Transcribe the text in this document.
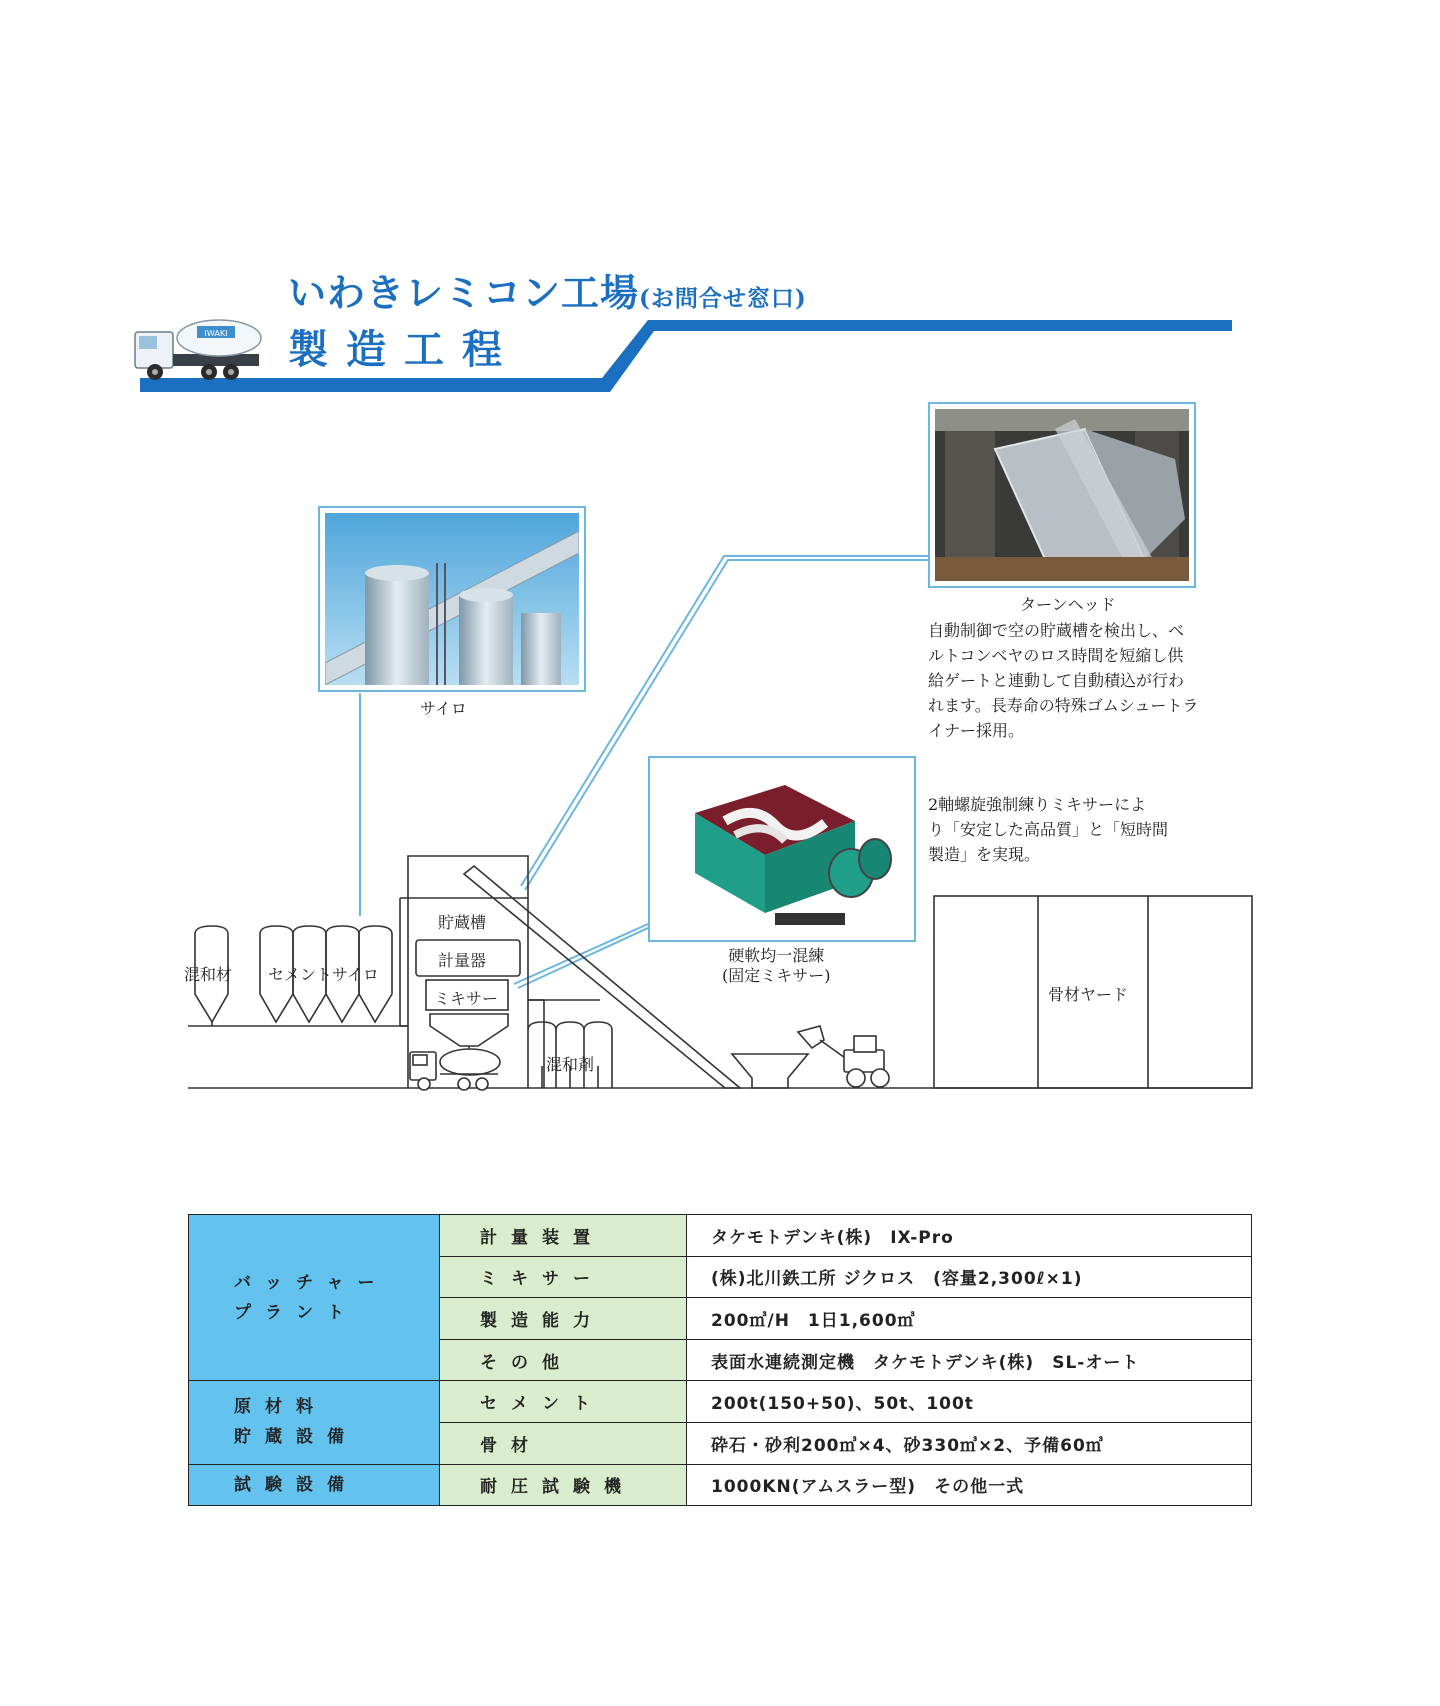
IWAKI
いわきレミコン工場(お問合せ窓口)
製造工程
サイロ
ターンヘッド
自動制御で空の貯蔵槽を検出し、ベ
ルトコンベヤのロス時間を短縮し供
給ゲートと連動して自動積込が行わ
れます。長寿命の特殊ゴムシュートラ
イナー採用。
硬軟均一混練
(固定ミキサー)
2軸螺旋強制練りミキサーによ
り「安定した高品質」と「短時間
製造」を実現。
混和材 セメントサイロ
貯蔵槽
計量器
ミキサー
混和剤
骨材ヤード
バッチャー
プラント	計量装置	タケモトデンキ(株)　IX-Pro
	ミキサー	(株)北川鉄工所 ジクロス　(容量2,300ℓ×1)
	製造能力	200㎥/H　1日1,600㎥
	その他	表面水連続測定機　タケモトデンキ(株)　SL-オート

原材料
貯蔵設備	セメント	200t(150+50)、50t、100t
	骨材	砕石・砂利200㎥×4、砂330㎥×2、予備60㎥
試験設備	耐圧試験機	1000KN(アムスラー型)　その他一式
